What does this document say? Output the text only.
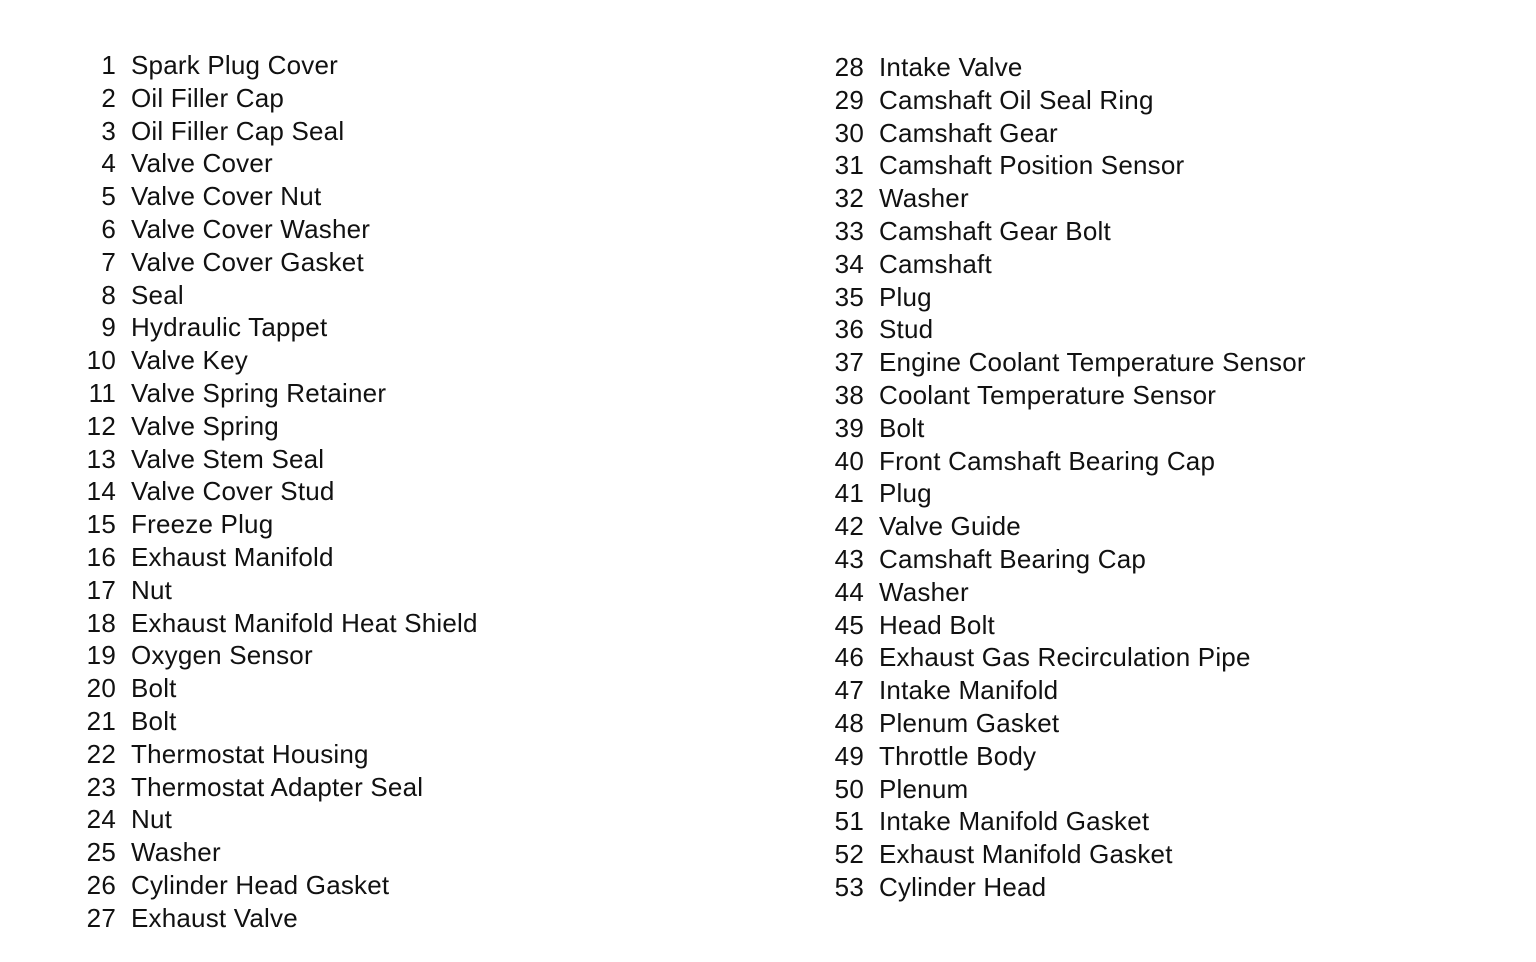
1 Spark Plug Cover
2 Oil Filler Cap
3 Oil Filler Cap Seal
4 Valve Cover
5 Valve Cover Nut
6 Valve Cover Washer
7 Valve Cover Gasket
8 Seal
9 Hydraulic Tappet
10 Valve Key
11 Valve Spring Retainer
12 Valve Spring
13 Valve Stem Seal
14 Valve Cover Stud
15 Freeze Plug
16 Exhaust Manifold
17 Nut
18 Exhaust Manifold Heat Shield
19 Oxygen Sensor
20 Bolt
21 Bolt
22 Thermostat Housing
23 Thermostat Adapter Seal
24 Nut
25 Washer
26 Cylinder Head Gasket
27 Exhaust Valve
28 Intake Valve
29 Camshaft Oil Seal Ring
30 Camshaft Gear
31 Camshaft Position Sensor
32 Washer
33 Camshaft Gear Bolt
34 Camshaft
35 Plug
36 Stud
37 Engine Coolant Temperature Sensor
38 Coolant Temperature Sensor
39 Bolt
40 Front Camshaft Bearing Cap
41 Plug
42 Valve Guide
43 Camshaft Bearing Cap
44 Washer
45 Head Bolt
46 Exhaust Gas Recirculation Pipe
47 Intake Manifold
48 Plenum Gasket
49 Throttle Body
50 Plenum
51 Intake Manifold Gasket
52 Exhaust Manifold Gasket
53 Cylinder Head
